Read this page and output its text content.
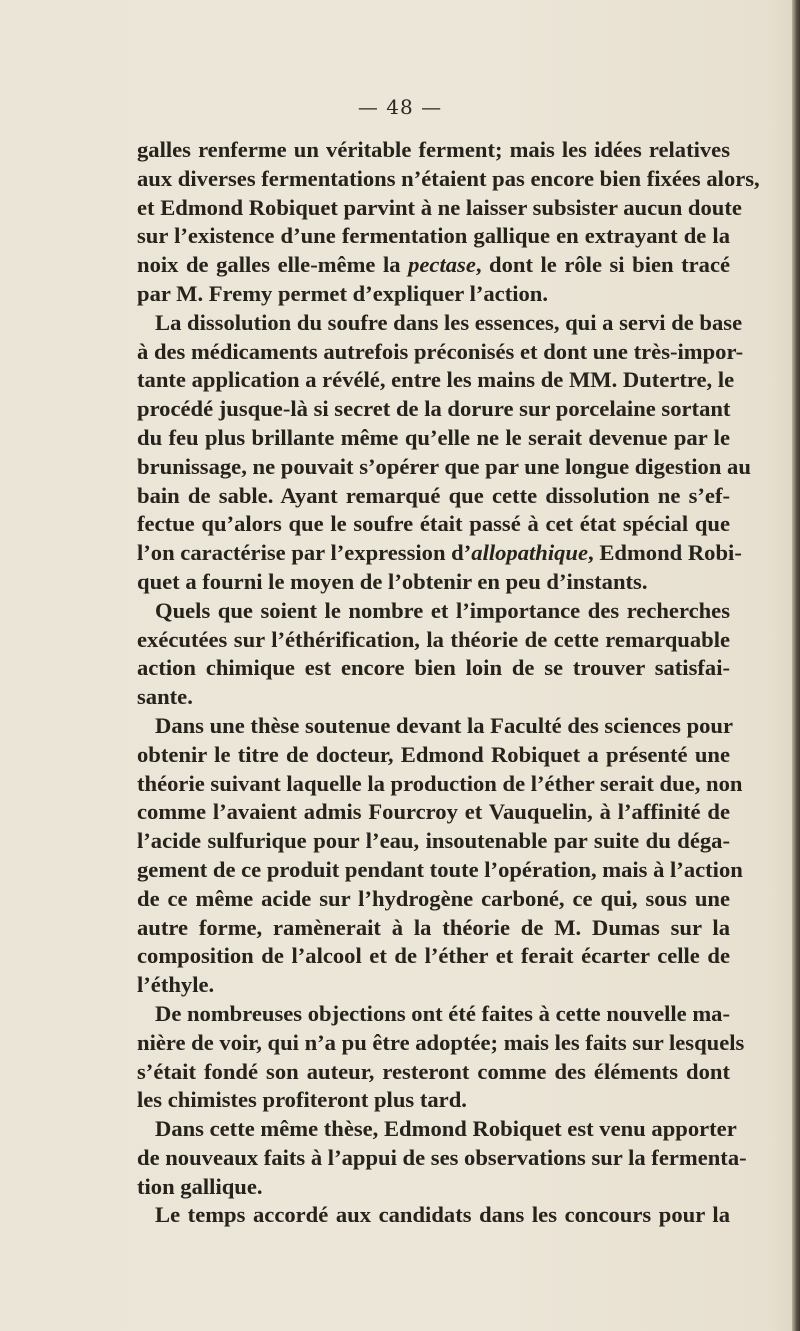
— 48 —
galles renferme un véritable ferment; mais les idées relatives
aux diverses fermentations n’étaient pas encore bien fixées alors,
et Edmond Robiquet parvint à ne laisser subsister aucun doute
sur l’existence d’une fermentation gallique en extrayant de la
noix de galles elle-même la pectase, dont le rôle si bien tracé
par M. Fremy permet d’expliquer l’action.
La dissolution du soufre dans les essences, qui a servi de base
à des médicaments autrefois préconisés et dont une très-impor-
tante application a révélé, entre les mains de MM. Dutertre, le
procédé jusque-là si secret de la dorure sur porcelaine sortant
du feu plus brillante même qu’elle ne le serait devenue par le
brunissage, ne pouvait s’opérer que par une longue digestion au
bain de sable. Ayant remarqué que cette dissolution ne s’ef-
fectue qu’alors que le soufre était passé à cet état spécial que
l’on caractérise par l’expression d’allopathique, Edmond Robi-
quet a fourni le moyen de l’obtenir en peu d’instants.
Quels que soient le nombre et l’importance des recherches
exécutées sur l’éthérification, la théorie de cette remarquable
action chimique est encore bien loin de se trouver satisfai-
sante.
Dans une thèse soutenue devant la Faculté des sciences pour
obtenir le titre de docteur, Edmond Robiquet a présenté une
théorie suivant laquelle la production de l’éther serait due, non
comme l’avaient admis Fourcroy et Vauquelin, à l’affinité de
l’acide sulfurique pour l’eau, insoutenable par suite du déga-
gement de ce produit pendant toute l’opération, mais à l’action
de ce même acide sur l’hydrogène carboné, ce qui, sous une
autre forme, ramènerait à la théorie de M. Dumas sur la
composition de l’alcool et de l’éther et ferait écarter celle de
l’éthyle.
De nombreuses objections ont été faites à cette nouvelle ma-
nière de voir, qui n’a pu être adoptée; mais les faits sur lesquels
s’était fondé son auteur, resteront comme des éléments dont
les chimistes profiteront plus tard.
Dans cette même thèse, Edmond Robiquet est venu apporter
de nouveaux faits à l’appui de ses observations sur la fermenta-
tion gallique.
Le temps accordé aux candidats dans les concours pour la
